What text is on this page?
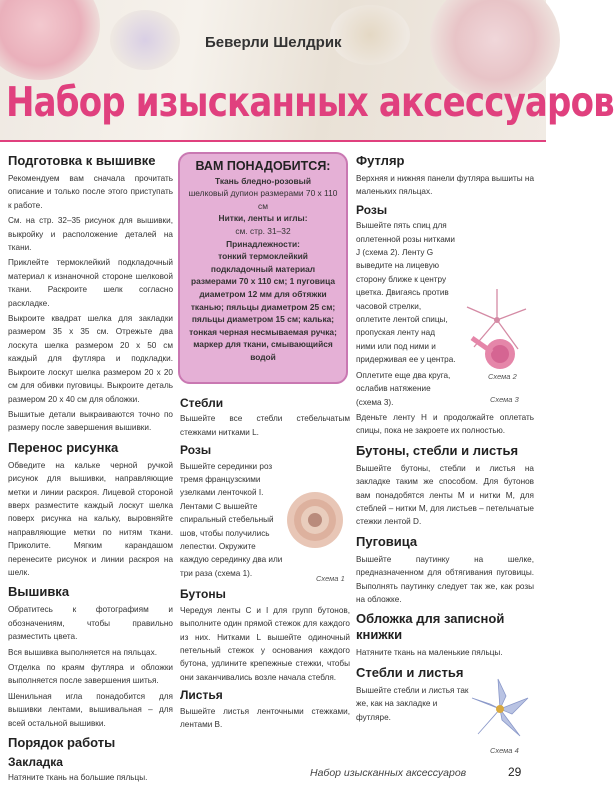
Беверли Шелдрик
Набор изысканных аксессуаров
Подготовка к вышивке

Рекомендуем вам сначала прочитать описание и только после этого приступать к работе.

См. на стр. 32–35 рисунок для вышивки, выкройку и расположение деталей на ткани.

Приклейте термоклейкий подкладочный материал к изнаночной стороне шелковой ткани. Раскроите шелк согласно раскладке.

Выкроите квадрат шелка для закладки размером 35 х 35 см. Отрежьте два лоскута шелка размером 20 х 50 см каждый для футляра и подкладки. Выкроите лоскут шелка размером 20 х 20 см для обивки пуговицы. Выкроите деталь размером 20 х 40 см для обложки.

Вышитые детали выкраиваются точно по размеру после завершения вышивки.

Перенос рисунка

Обведите на кальке черной ручкой рисунок для вышивки, направляющие метки и линии раскроя. Лицевой стороной вверх разместите каждый лоскут шелка поверх рисунка на кальку, выровняйте направляющие метки по нитям ткани. Приколите. Мягким карандашом перенесите рисунок и линии раскроя на шелк.

Вышивка

Обратитесь к фотографиям и обозначениям, чтобы правильно разместить цвета.

Вся вышивка выполняется на пяльцах.

Отделка по краям футляра и обложки выполняется после завершения шитья.

Шенильная игла понадобится для вышивки лентами, вышивальная – для всей остальной вышивки.

Порядок работы
Закладка

Натяните ткань на большие пяльцы.

ВАМ ПОНАДОБИТСЯ:
Ткань бледно-розовый
шелковый дупион размерами 70 х 110 см
Нитки, ленты и иглы:
см. стр. 31–32
Принадлежности:
тонкий термоклейкий подкладочный материал размерами 70 х 110 см; 1 пуговица диаметром 12 мм для обтяжки тканью; пяльцы диаметром 25 см; пяльцы диаметром 15 см; калька; тонкая черная несмываемая ручка; маркер для ткани, смывающийся водой
Стебли

Вышейте все стебли стебельчатым стежками нитками L.

Розы

Вышейте серединки роз тремя французскими узелками ленточкой I. Лентами С вышейте спиральный стебельный шов, чтобы получились лепестки. Окружите каждую серединку два или три раза (схема 1).

Бутоны

Чередуя ленты С и I для групп бутонов, выполните один прямой стежок для каждого из них. Нитками L вышейте одиночный петельный стежок у основания каждого бутона, удлините крепежные стежки, чтобы они заканчивались возле начала стебля.

Листья

Вышейте листья ленточными стежками, лентами B.

Схема 1
Футляр

Верхняя и нижняя панели футляра вышиты на маленьких пяльцах.

Розы

Вышейте пять спиц для оплетенной розы нитками J (схема 2). Ленту G выведите на лицевую сторону ближе к центру цветка. Двигаясь против часовой стрелки, оплетите лентой спицы, пропуская ленту над ними или под ними и придерживая ее у центра.

Оплетите еще два круга, ослабив натяжение (схема 3).

Вденьте ленту H и продолжайте оплетать спицы, пока не закроете их полностью.

Бутоны, стебли и листья

Вышейте бутоны, стебли и листья на закладке таким же способом. Для бутонов вам понадобятся ленты M и нитки M, для стеблей – нитки M, для листьев – петельчатые стежки лентой D.

Пуговица

Вышейте паутинку на шелке, предназначенном для обтягивания пуговицы. Выполнять паутинку следует так же, как розы на обложке.

Обложка для записной книжки

Натяните ткань на маленькие пяльцы.

Стебли и листья

Вышейте стебли и листья так же, как на закладке и футляре.

Схема 2
Схема 3
Схема 4
Набор изысканных аксессуаров	29
